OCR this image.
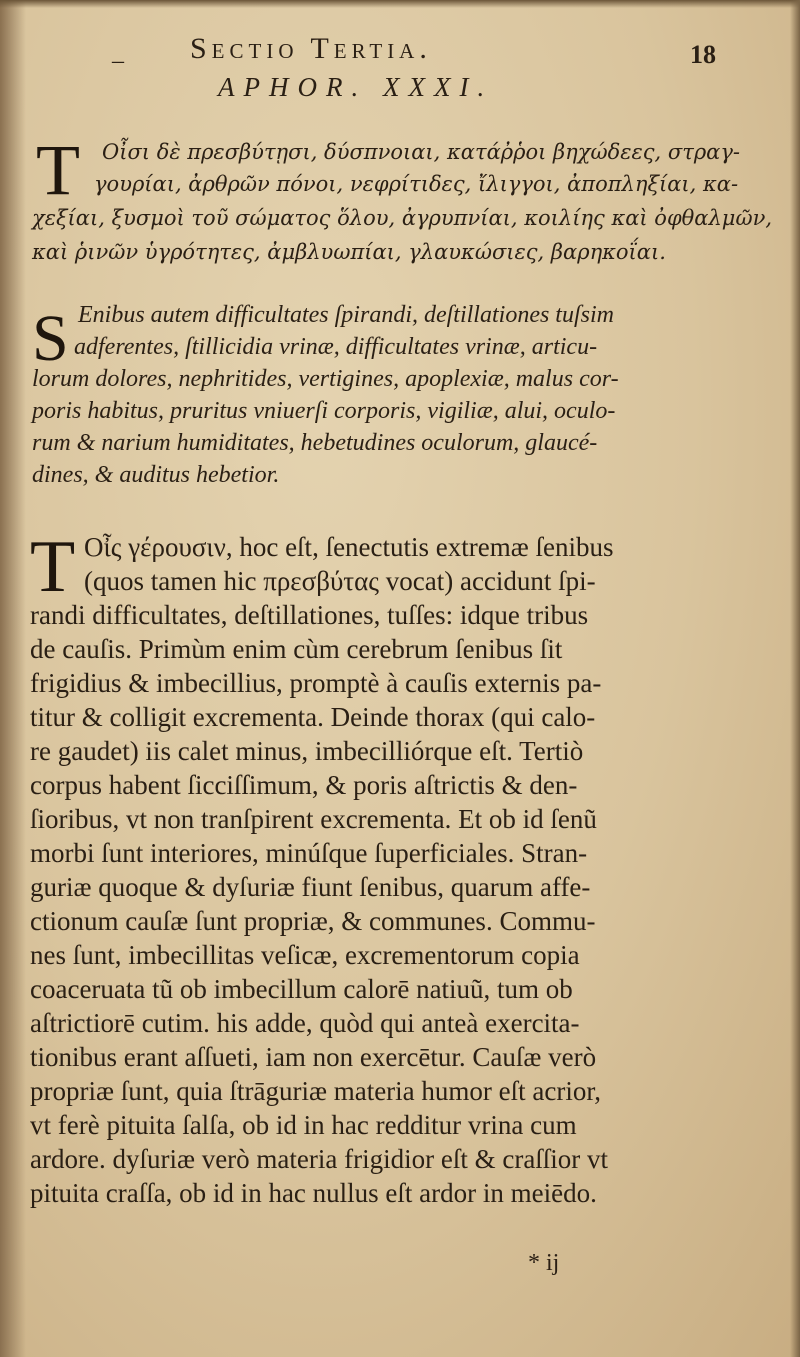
_ Sectio Tertia.	18
APHOR. XXXI.
T Οἶσι δὲ πρεσβύτῃσι, δύσπνοιαι, κατάῤῥοι βηχώδεες, στραγ-
γουρίαι, ἀρθρῶν πόνοι, νεφρίτιδες, ἴλιγγοι, ἀποπληξίαι, κα-
χεξίαι, ξυσμοὶ τοῦ σώματος ὅλου, ἀγρυπνίαι, κοιλίης καὶ ὀφθαλμῶν,
καὶ ῥινῶν ὑγρότητες, ἀμβλυωπίαι, γλαυκώσιες, βαρηκοΐαι.
S Enibus autem difficultates ſpirandi, deſtillationes tuſsim
adferentes, ſtillicidia vrinæ, difficultates vrinæ, articu-
lorum dolores, nephritides, vertigines, apoplexiæ, malus cor-
poris habitus, pruritus vniuerſi corporis, vigiliæ, alui, oculo-
rum & narium humiditates, hebetudines oculorum, glaucé-
dines, & auditus hebetior.
T Οἶς γέρουσιν, hoc eſt, ſenectutis extremæ ſenibus
(quos tamen hic πρεσβύτας vocat) accidunt ſpi-
randi difficultates, deſtillationes, tuſſes: idque tribus
de cauſis. Primùm enim cùm cerebrum ſenibus ſit
frigidius & imbecillius, promptè à cauſis externis pa-
titur & colligit excrementa. Deinde thorax (qui calo-
re gaudet) iis calet minus, imbecilliórque eſt. Tertiò
corpus habent ſicciſſimum, & poris aſtrictis & den-
ſioribus, vt non tranſpirent excrementa. Et ob id ſenũ
morbi ſunt interiores, minúſque ſuperficiales. Stran-
guriæ quoque & dyſuriæ fiunt ſenibus, quarum affe-
ctionum cauſæ ſunt propriæ, & communes. Commu-
nes ſunt, imbecillitas veſicæ, excrementorum copia
coaceruata tũ ob imbecillum calorē natiuũ, tum ob
aſtrictiorē cutim. his adde, quòd qui anteà exercita-
tionibus erant aſſueti, iam non exercētur. Cauſæ verò
propriæ ſunt, quia ſtrāguriæ materia humor eſt acrior,
vt ferè pituita ſalſa, ob id in hac redditur vrina cum
ardore. dyſuriæ verò materia frigidior eſt & craſſior vt
pituita craſſa, ob id in hac nullus eſt ardor in meiēdo.
* ij
